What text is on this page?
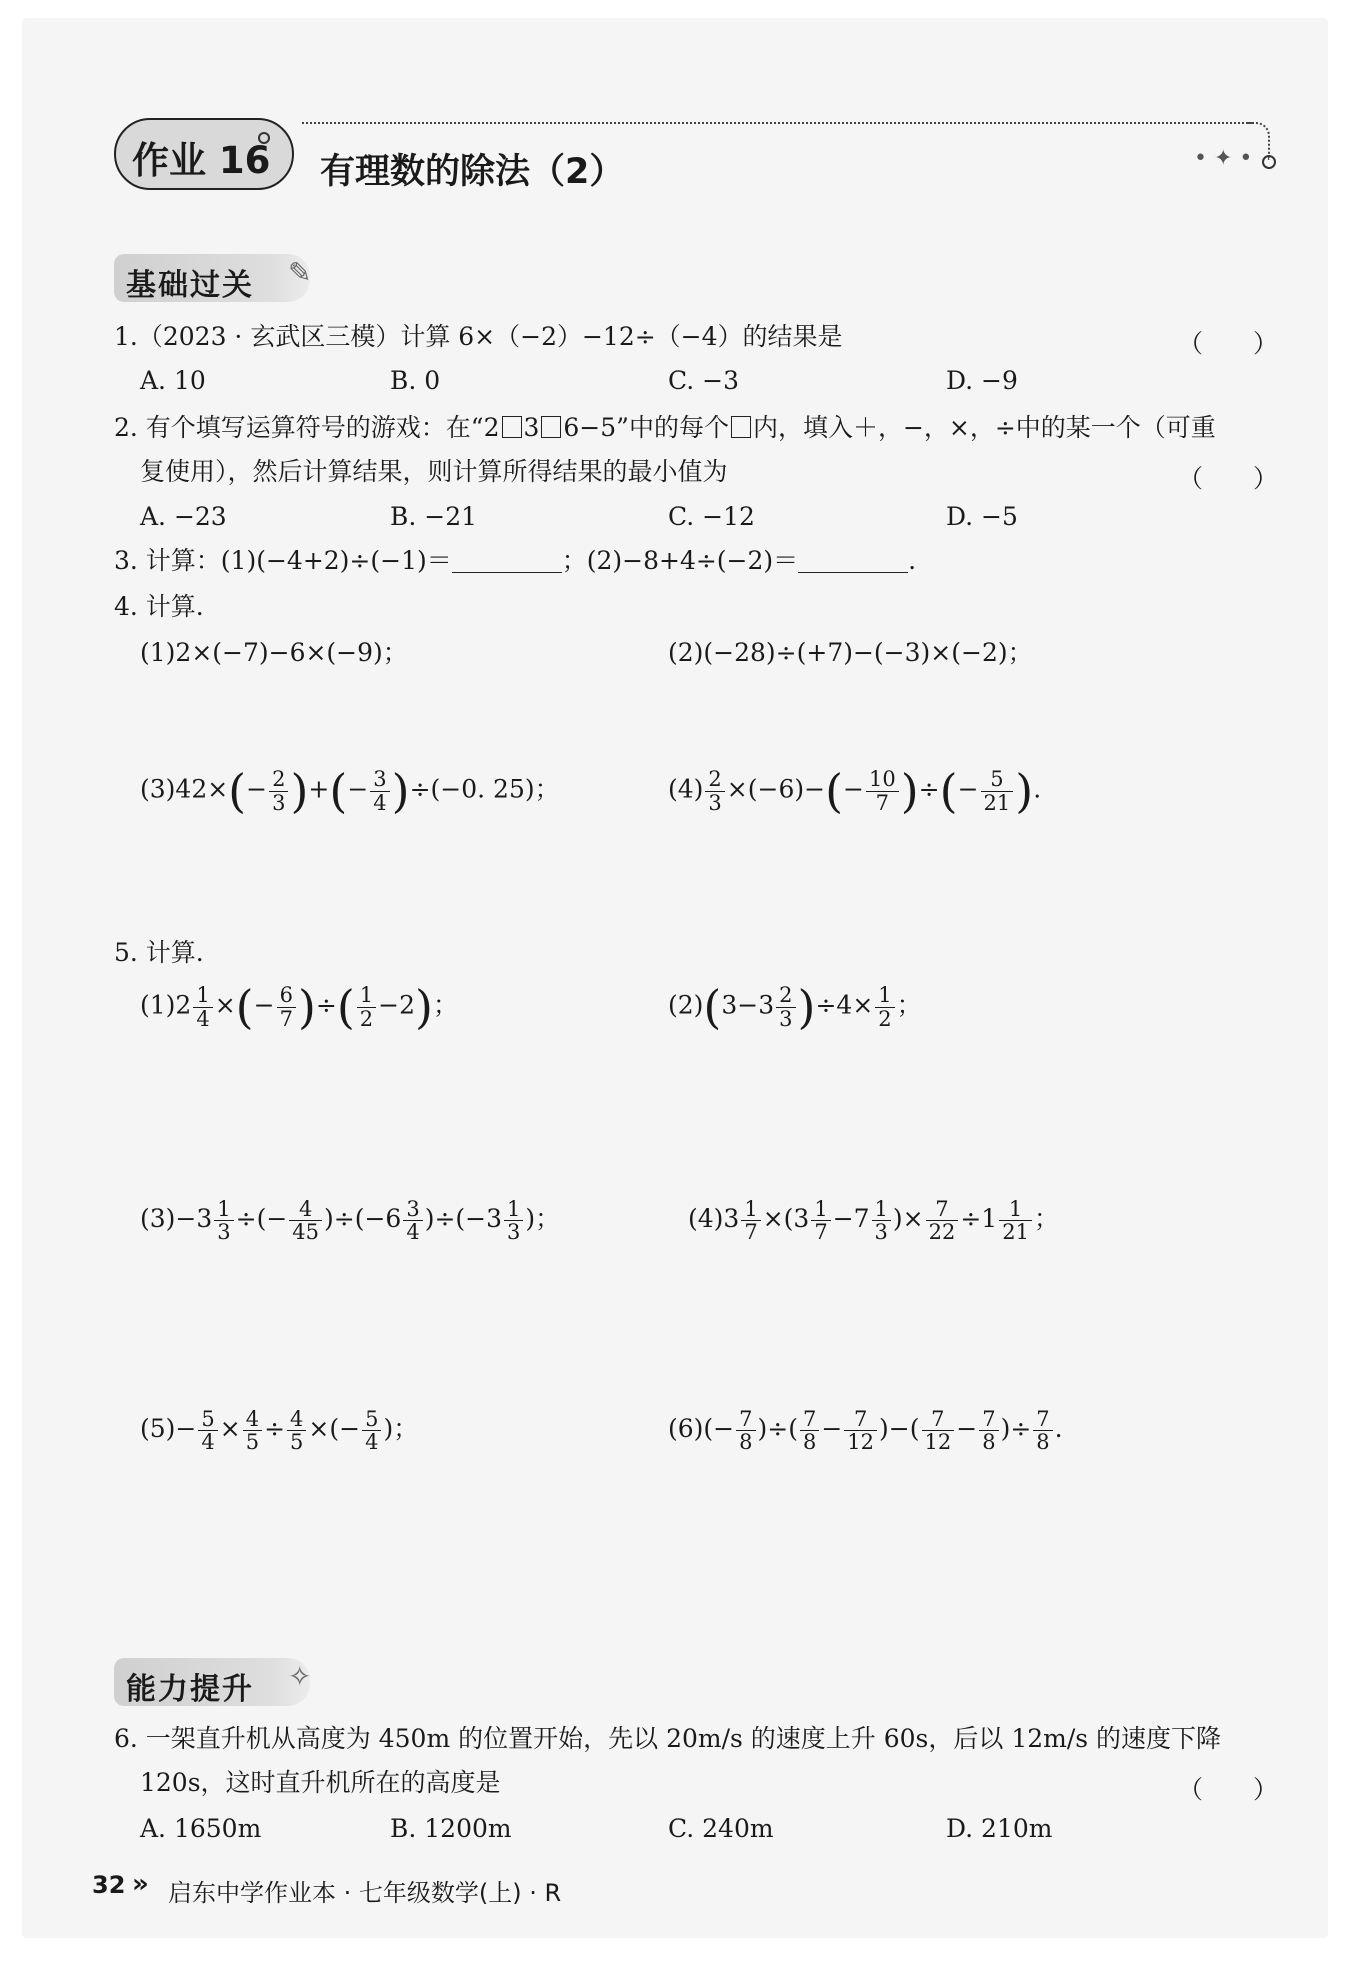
作业 16	• ✦ •
有理数的除法（2）
基础过关 ✎
1.（2023 · 玄武区三模）计算 6×（−2）−12÷（−4）的结果是	（　　）
A. 10	B. 0	C. −3	D. −9
2. 有个填写运算符号的游戏：在“2 3 6−5”中的每个 内，填入＋，−，×，÷中的某一个（可重
复使用），然后计算结果，则计算所得结果的最小值为	（　　）
A. −23	B. −21	C. −12	D. −5
3. 计算：(1)(−4+2)÷(−1)＝	；(2)−8+4÷(−2)＝	.
4. 计算.
(1)2×(−7)−6×(−9)；	(2)(−28)÷(+7)−(−3)×(−2)；
$(3)42\times(- \frac{2}{3}$ )+(− $\frac{3}{4} )\div(-0$. 25)；	$(4) \frac{2}{3} \times(-6)-(- \frac{10}{7}$ )÷(− $\frac{5}{21}$ ).
5. 计算.
$(1)2 \frac{1}{4}$ ×(− $\frac{6}{7}$ )÷( $\frac{1}{2} -2$)；	$(2)(3-3 \frac{2}{3} )\div 4\times \frac{1}{2}$ ；
$(3)-3 \frac{1}{3}$ ÷(− $\frac{4}{45} )\div(-6 \frac{3}{4} )\div(-3 \frac{1}{3}$ )；	$(4)3 \frac{1}{7} \times(3 \frac{1}{7} -7 \frac{1}{3}$ )× $\frac{7}{22} \div 1 \frac{1}{21}$ ；
$(5)- \frac{5}{4} \times \frac{4}{5} \div \frac{4}{5}$ ×(− $\frac{5}{4}$ )；	$(6)(- \frac{7}{8}$ )÷( $\frac{7}{8} - \frac{7}{12}$ )−( $\frac{7}{12} - \frac{7}{8}$ )÷ $\frac{7}{8}$ .
能力提升 ✧
6. 一架直升机从高度为 450m 的位置开始，先以 20m/s 的速度上升 60s，后以 12m/s 的速度下降
120s，这时直升机所在的高度是	（　　）
A. 1650m	B. 1200m	C. 240m	D. 210m
32 » 启东中学作业本 · 七年级数学(上) · R
